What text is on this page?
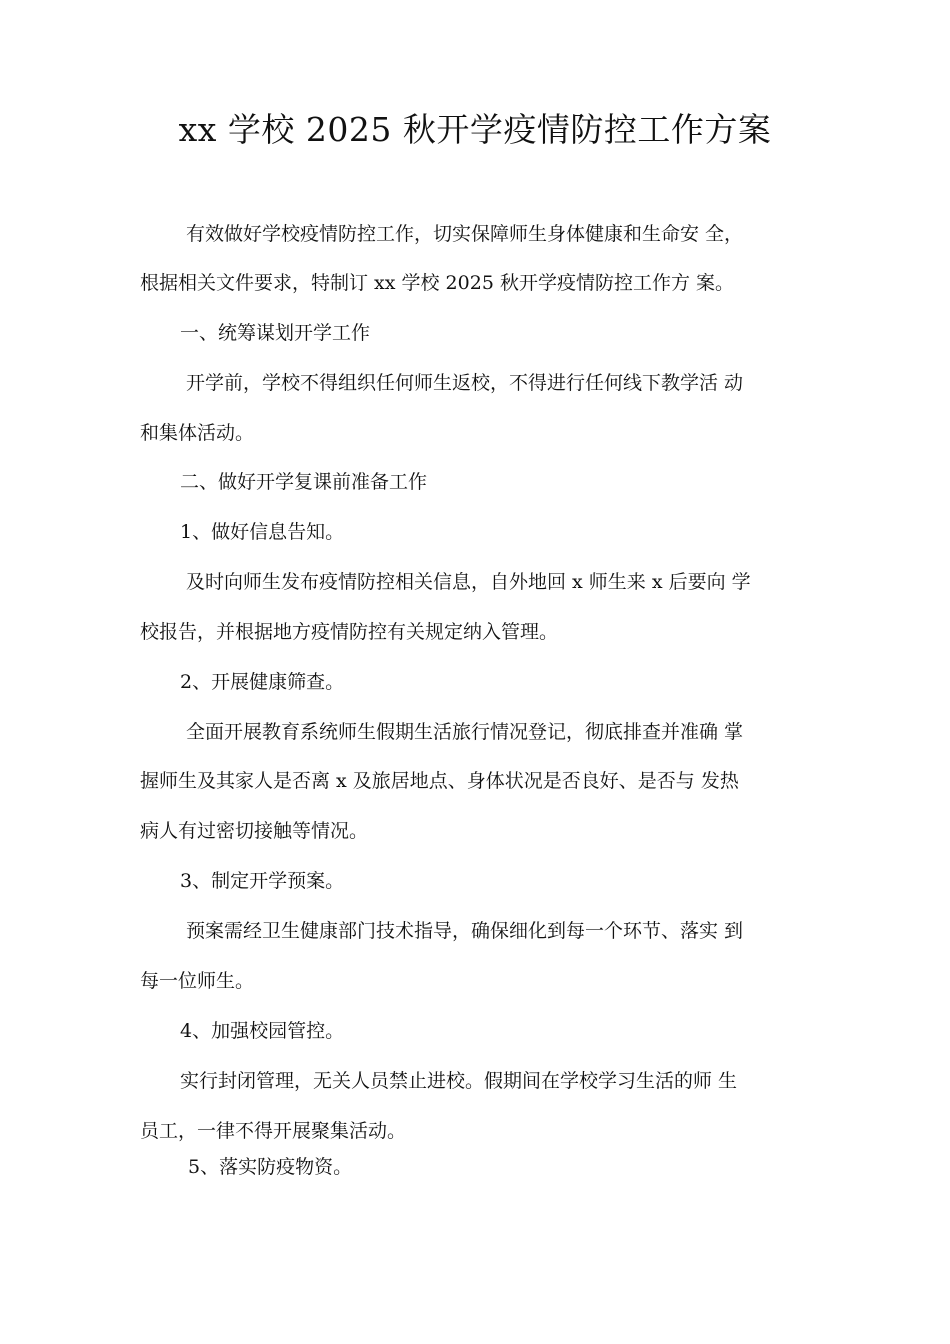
xx 学校 2025 秋开学疫情防控工作方案

有效做好学校疫情防控工作，切实保障师生身体健康和生命安 全，

根据相关文件要求，特制订 xx 学校 2025 秋开学疫情防控工作方 案。

一、统筹谋划开学工作

开学前，学校不得组织任何师生返校，不得进行任何线下教学活 动

和集体活动。

二、做好开学复课前准备工作

1、做好信息告知。

及时向师生发布疫情防控相关信息，自外地回 x 师生来 x 后要向 学

校报告，并根据地方疫情防控有关规定纳入管理。

2、开展健康筛查。

全面开展教育系统师生假期生活旅行情况登记，彻底排查并准确 掌

握师生及其家人是否离 x 及旅居地点、身体状况是否良好、是否与 发热

病人有过密切接触等情况。

3、制定开学预案。

预案需经卫生健康部门技术指导，确保细化到每一个环节、落实 到

每一位师生。

4、加强校园管控。

实行封闭管理，无关人员禁止进校。假期间在学校学习生活的师 生

员工，一律不得开展聚集活动。

5、落实防疫物资。
